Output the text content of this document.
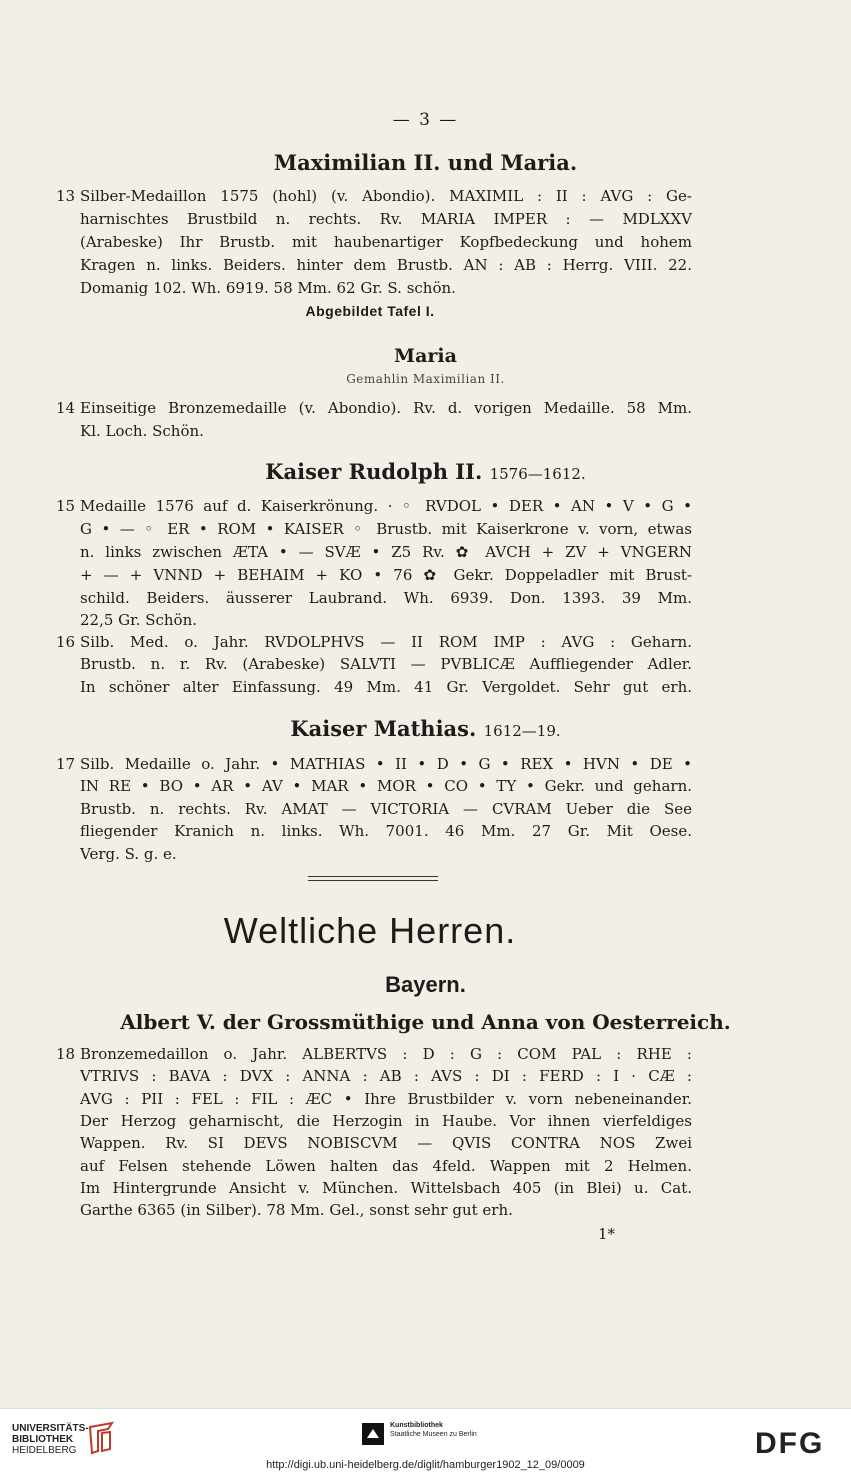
— 3 —
Maximilian II. und Maria.
13 Silber-Medaillon 1575 (hohl) (v. Abondio). MAXIMIL : II : AVG : Ge-
harnischtes Brustbild n. rechts. Rv. MARIA IMPER : — MDLXXV
(Arabeske) Ihr Brustb. mit haubenartiger Kopfbedeckung und hohem
Kragen n. links. Beiders. hinter dem Brustb. AN : AB : Herrg. VIII. 22.
Domanig 102. Wh. 6919. 58 Mm. 62 Gr. S. schön.
Abgebildet Tafel I.
Maria
Gemahlin Maximilian II.
14 Einseitige Bronzemedaille (v. Abondio). Rv. d. vorigen Medaille. 58 Mm.
Kl. Loch. Schön.
Kaiser Rudolph II. 1576—1612.
15 Medaille 1576 auf d. Kaiserkrönung. · ◦ RVDOL • DER • AN • V • G •
G • — ◦ ER • ROM • KAISER ◦ Brustb. mit Kaiserkrone v. vorn, etwas
n. links zwischen ÆTA • — SVÆ • Z5 Rv. ✿ AVCH + ZV + VNGERN
+ — + VNND + BEHAIM + KO • 76 ✿ Gekr. Doppeladler mit Brust-
schild. Beiders. äusserer Laubrand. Wh. 6939. Don. 1393. 39 Mm.
22,5 Gr. Schön.
16 Silb. Med. o. Jahr. RVDOLPHVS — II ROM IMP : AVG : Geharn.
Brustb. n. r. Rv. (Arabeske) SALVTI — PVBLICÆ Auffliegender Adler.
In schöner alter Einfassung. 49 Mm. 41 Gr. Vergoldet. Sehr gut erh.
Kaiser Mathias. 1612—19.
17 Silb. Medaille o. Jahr. • MATHIAS • II • D • G • REX • HVN • DE •
IN RE • BO • AR • AV • MAR • MOR • CO • TY • Gekr. und geharn.
Brustb. n. rechts. Rv. AMAT — VICTORIA — CVRAM Ueber die See
fliegender Kranich n. links. Wh. 7001. 46 Mm. 27 Gr. Mit Oese.
Verg. S. g. e.
Weltliche Herren.
Bayern.
Albert V. der Grossmüthige und Anna von Oesterreich.
18 Bronzemedaillon o. Jahr. ALBERTVS : D : G : COM PAL : RHE :
VTRIVS : BAVA : DVX : ANNA : AB : AVS : DI : FERD : I · CÆ :
AVG : PII : FEL : FIL : ÆC • Ihre Brustbilder v. vorn nebeneinander.
Der Herzog geharnischt, die Herzogin in Haube. Vor ihnen vierfeldiges
Wappen. Rv. SI DEVS NOBISCVM — QVIS CONTRA NOS Zwei
auf Felsen stehende Löwen halten das 4feld. Wappen mit 2 Helmen.
Im Hintergrunde Ansicht v. München. Wittelsbach 405 (in Blei) u. Cat.
Garthe 6365 (in Silber). 78 Mm. Gel., sonst sehr gut erh.
1*
UNIVERSITÄTS-
BIBLIOTHEK
HEIDELBERG
Kunstbibliothek
Staatliche Museen zu Berlin	DFG
http://digi.ub.uni-heidelberg.de/diglit/hamburger1902_12_09/0009
